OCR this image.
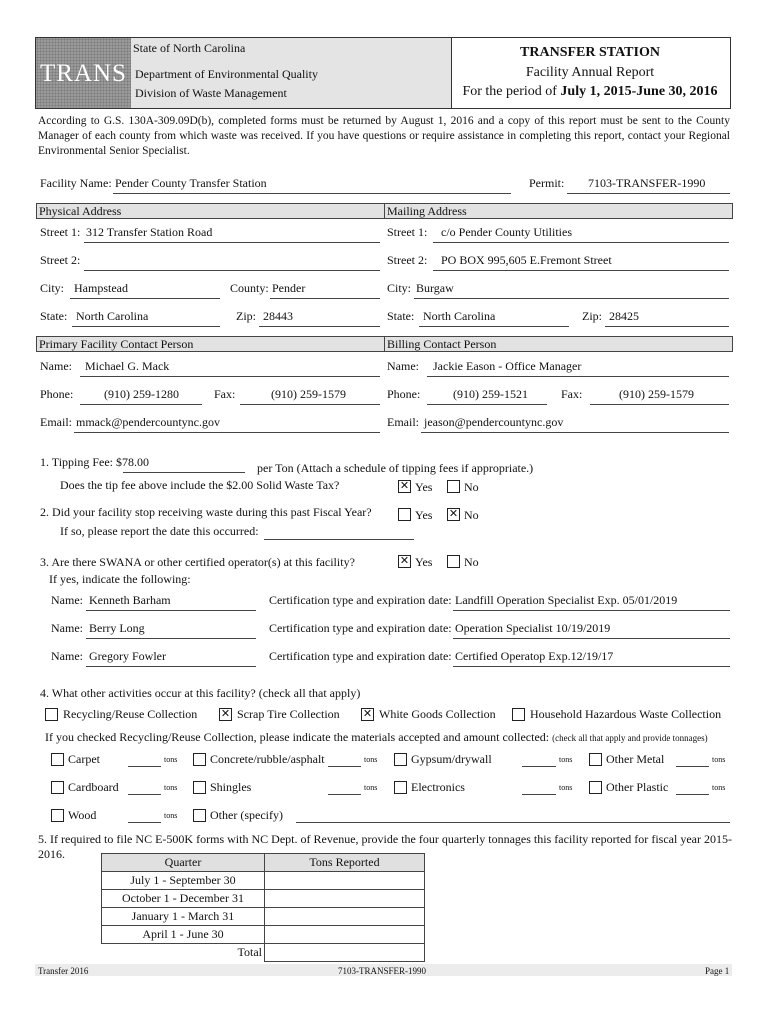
TRANS
State of North Carolina
Department of Environmental Quality
Division of Waste Management
TRANSFER STATION
Facility Annual Report
For the period of July 1, 2015-June 30, 2016
According to G.S. 130A-309.09D(b), completed forms must be returned by August 1, 2016 and a copy of this report must be sent to the County Manager of each county from which waste was received. If you have questions or require assistance in completing this report, contact your Regional Environmental Senior Specialist.
Facility Name: Pender County Transfer Station	Permit: 7103-TRANSFER-1990
Physical Address	Mailing Address
Street 1: 312 Transfer Station Road	Street 1: c/o Pender County Utilities
Street 2:	Street 2: PO BOX 995,605 E.Fremont Street
City: Hampstead	County: Pender	City: Burgaw
State: North Carolina	Zip: 28443	State: North Carolina	Zip: 28425
Primary Facility Contact Person	Billing Contact Person
Name: Michael G. Mack	Name: Jackie Eason - Office Manager
Phone:	(910) 259-1280	Fax:	(910) 259-1579	Phone:	(910) 259-1521	Fax:	(910) 259-1579
Email: mmack@pendercountync.gov	Email: jeason@pendercountync.gov
1. Tipping Fee: $78.00	per Ton (Attach a schedule of tipping fees if appropriate.)
Does the tip fee above include the $2.00 Solid Waste Tax?	✕ Yes	No
2. Did your facility stop receiving waste during this past Fiscal Year?	Yes ✕ No
If so, please report the date this occurred:
3. Are there SWANA or other certified operator(s) at this facility?	✕ Yes	No
If yes, indicate the following:
Name: Kenneth Barham	Certification type and expiration date: Landfill Operation Specialist Exp. 05/01/2019
Name: Berry Long	Certification type and expiration date: Operation Specialist 10/19/2019
Name: Gregory Fowler	Certification type and expiration date: Certified Operatop Exp.12/19/17
4. What other activities occur at this facility? (check all that apply)
Recycling/Reuse Collection ✕ Scrap Tire Collection ✕ White Goods Collection	Household Hazardous Waste Collection
If you checked Recycling/Reuse Collection, please indicate the materials accepted and amount collected: (check all that apply and provide tonnages)
Carpet	tons	Concrete/rubble/asphalt	tons	Gypsum/drywall	tons	Other Metal	tons
Cardboard	tons	Shingles	tons	Electronics	tons	Other Plastic	tons
Wood	tons	Other (specify)
5. If required to file NC E-500K forms with NC Dept. of Revenue, provide the four quarterly tonnages this facility reported for fiscal year 2015-2016.
Quarter	Tons Reported
July 1 - September 30	
October 1 - December 31	
January 1 - March 31	
April 1 - June 30	
Total	
Transfer 2016	7103-TRANSFER-1990	Page 1
